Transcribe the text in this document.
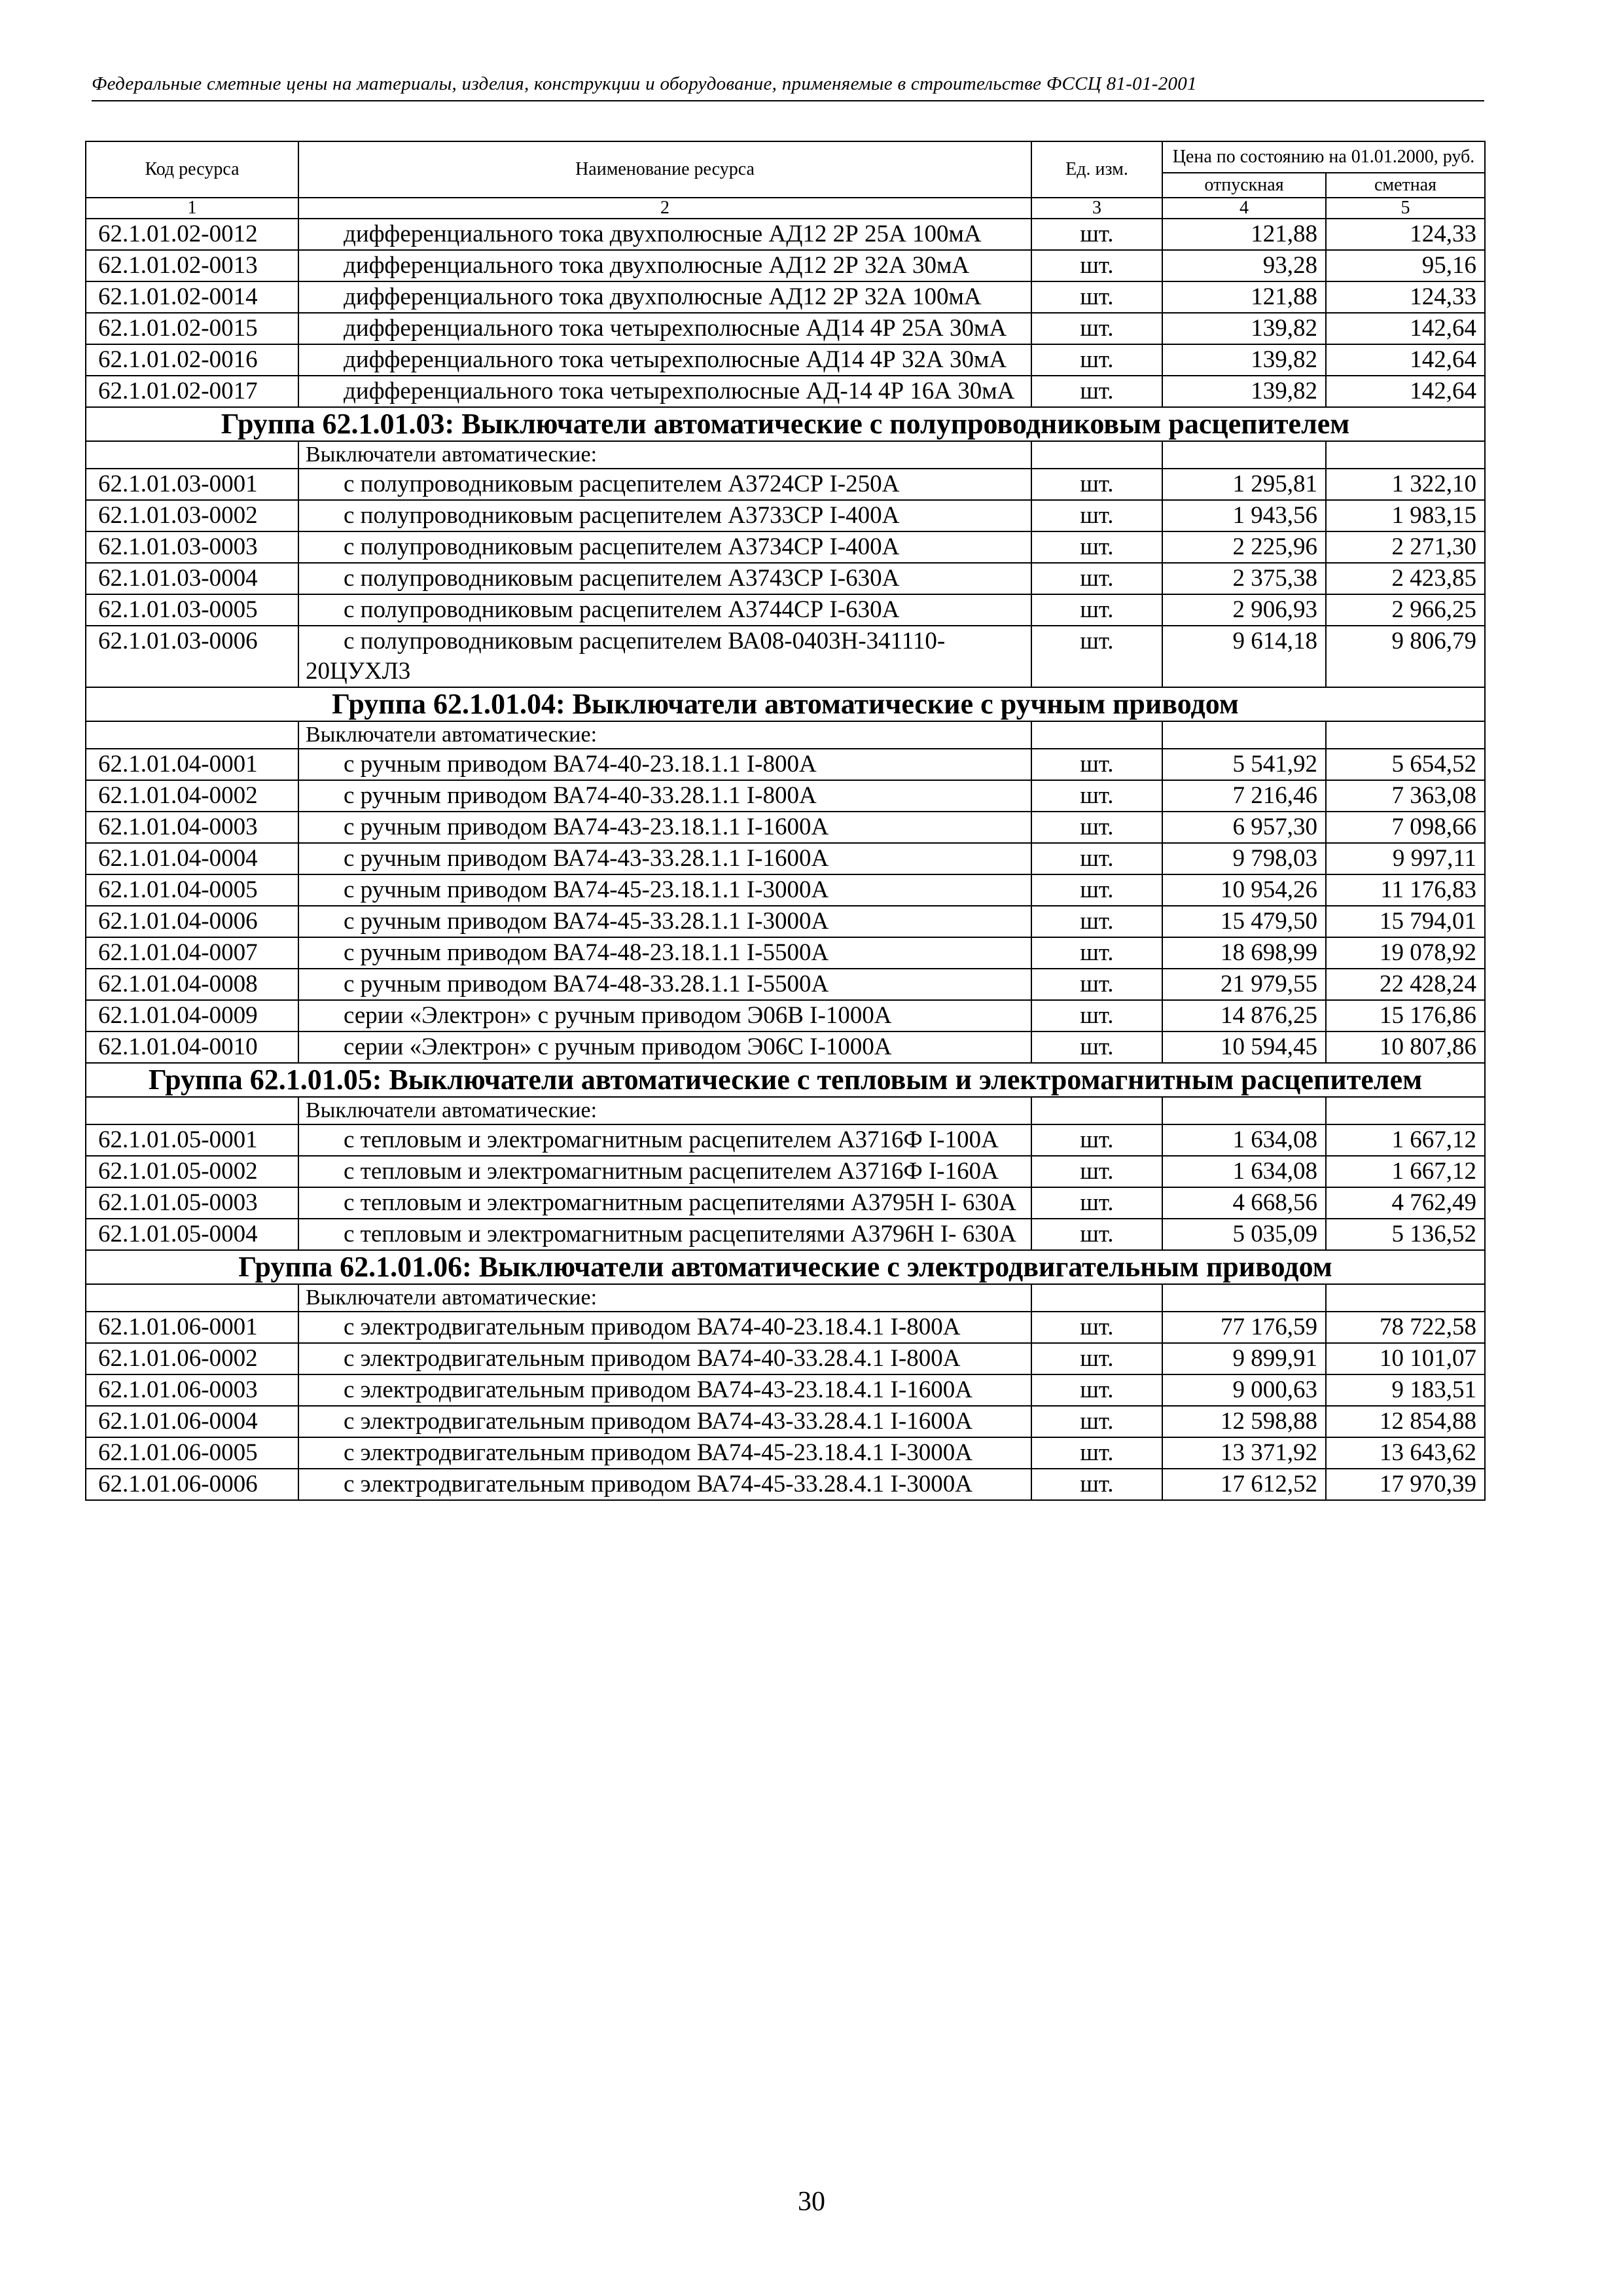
Федеральные сметные цены на материалы, изделия, конструкции и оборудование, применяемые в строительстве ФССЦ 81-01-2001
Код ресурса	Наименование ресурса	Ед. изм.	Цена по состоянию на 01.01.2000, руб.	
			отпускная	сметная
1	2	3	4	5
62.1.01.02-0012	дифференциального тока двухполюсные АД12 2Р 25А 100мА	шт.	121,88	124,33
62.1.01.02-0013	дифференциального тока двухполюсные АД12 2Р 32А 30мА	шт.	93,28	95,16
62.1.01.02-0014	дифференциального тока двухполюсные АД12 2Р 32А 100мА	шт.	121,88	124,33
62.1.01.02-0015	дифференциального тока четырехполюсные АД14 4Р 25А 30мА	шт.	139,82	142,64
62.1.01.02-0016	дифференциального тока четырехполюсные АД14 4Р 32А 30мА	шт.	139,82	142,64
62.1.01.02-0017	дифференциального тока четырехполюсные АД-14 4Р 16А 30мА	шт.	139,82	142,64
Группа 62.1.01.03: Выключатели автоматические с полупроводниковым расцепителем				
	Выключатели автоматические:			
62.1.01.03-0001	с полупроводниковым расцепителем А3724СР I-250А	шт.	1 295,81	1 322,10
62.1.01.03-0002	с полупроводниковым расцепителем А3733СР I-400А	шт.	1 943,56	1 983,15
62.1.01.03-0003	с полупроводниковым расцепителем А3734СР I-400А	шт.	2 225,96	2 271,30
62.1.01.03-0004	с полупроводниковым расцепителем А3743СР I-630А	шт.	2 375,38	2 423,85
62.1.01.03-0005	с полупроводниковым расцепителем А3744СР I-630А	шт.	2 906,93	2 966,25
62.1.01.03-0006	с полупроводниковым расцепителем ВА08-0403Н-341110- 20ЦУХЛ3	шт.	9 614,18	9 806,79
Группа 62.1.01.04: Выключатели автоматические с ручным приводом				
	Выключатели автоматические:			
62.1.01.04-0001	с ручным приводом ВА74-40-23.18.1.1 I-800А	шт.	5 541,92	5 654,52
62.1.01.04-0002	с ручным приводом ВА74-40-33.28.1.1 I-800А	шт.	7 216,46	7 363,08
62.1.01.04-0003	с ручным приводом ВА74-43-23.18.1.1 I-1600А	шт.	6 957,30	7 098,66
62.1.01.04-0004	с ручным приводом ВА74-43-33.28.1.1 I-1600А	шт.	9 798,03	9 997,11
62.1.01.04-0005	с ручным приводом ВА74-45-23.18.1.1 I-3000А	шт.	10 954,26	11 176,83
62.1.01.04-0006	с ручным приводом ВА74-45-33.28.1.1 I-3000А	шт.	15 479,50	15 794,01
62.1.01.04-0007	с ручным приводом ВА74-48-23.18.1.1 I-5500А	шт.	18 698,99	19 078,92
62.1.01.04-0008	с ручным приводом ВА74-48-33.28.1.1 I-5500А	шт.	21 979,55	22 428,24
62.1.01.04-0009	серии «Электрон» с ручным приводом Э06В I-1000А	шт.	14 876,25	15 176,86
62.1.01.04-0010	серии «Электрон» с ручным приводом Э06С I-1000А	шт.	10 594,45	10 807,86
Группа 62.1.01.05: Выключатели автоматические с тепловым и электромагнитным расцепителем				
	Выключатели автоматические:			
62.1.01.05-0001	с тепловым и электромагнитным расцепителем А3716Ф I-100А	шт.	1 634,08	1 667,12
62.1.01.05-0002	с тепловым и электромагнитным расцепителем А3716Ф I-160А	шт.	1 634,08	1 667,12
62.1.01.05-0003	с тепловым и электромагнитным расцепителями А3795Н I- 630А	шт.	4 668,56	4 762,49
62.1.01.05-0004	с тепловым и электромагнитным расцепителями А3796Н I- 630А	шт.	5 035,09	5 136,52
Группа 62.1.01.06: Выключатели автоматические с электродвигательным приводом				
	Выключатели автоматические:			
62.1.01.06-0001	с электродвигательным приводом ВА74-40-23.18.4.1 I-800А	шт.	77 176,59	78 722,58
62.1.01.06-0002	с электродвигательным приводом ВА74-40-33.28.4.1 I-800А	шт.	9 899,91	10 101,07
62.1.01.06-0003	с электродвигательным приводом ВА74-43-23.18.4.1 I-1600А	шт.	9 000,63	9 183,51
62.1.01.06-0004	с электродвигательным приводом ВА74-43-33.28.4.1 I-1600А	шт.	12 598,88	12 854,88
62.1.01.06-0005	с электродвигательным приводом ВА74-45-23.18.4.1 I-3000А	шт.	13 371,92	13 643,62
62.1.01.06-0006	с электродвигательным приводом ВА74-45-33.28.4.1 I-3000А	шт.	17 612,52	17 970,39
30
